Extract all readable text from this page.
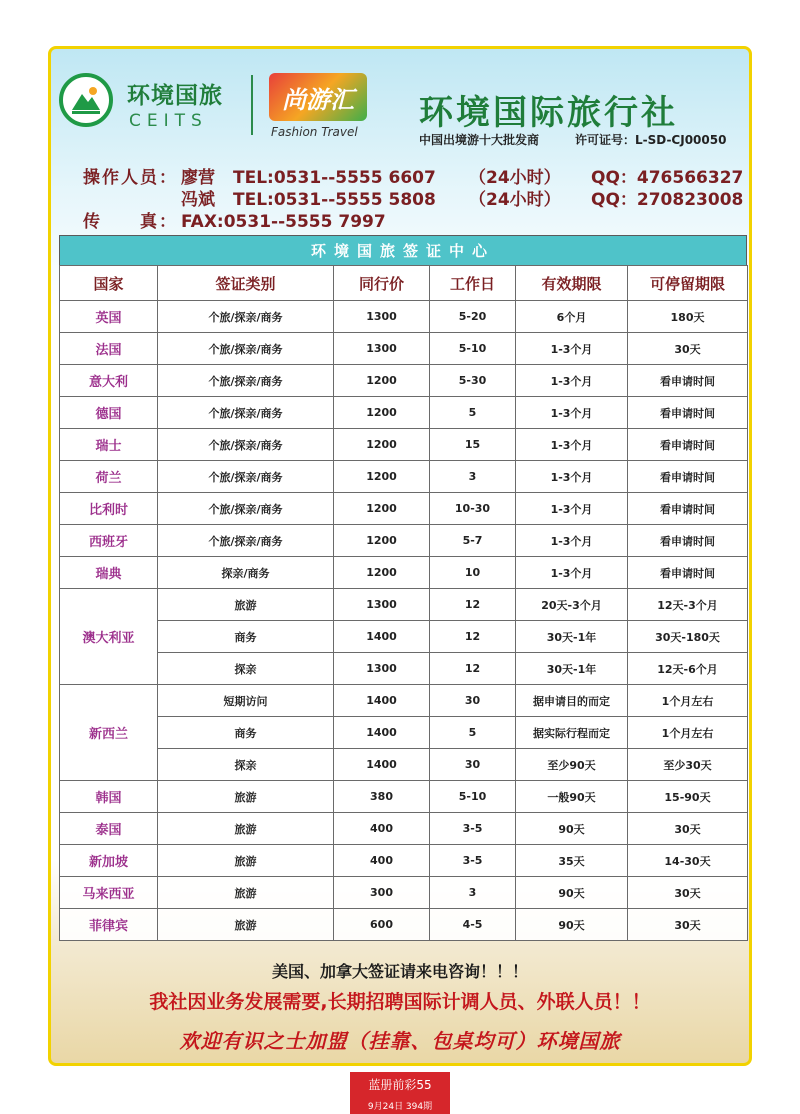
环境国旅
CEITS
尚游汇
Fashion Travel 环境国际旅行社
中国出境游十大批发商	许可证号：L-SD-CJ00050
操作人员： 廖营 TEL:0531--5555 6607 （24小时） QQ：476566327
冯斌 TEL:0531--5555 5808 （24小时） QQ：270823008
传　　真： FAX:0531--5555 7997
环境国旅签证中心
国家	签证类别	同行价	工作日	有效期限	可停留期限
英国	个旅/探亲/商务	1300	5-20	6个月	180天
法国	个旅/探亲/商务	1300	5-10	1-3个月	30天
意大利	个旅/探亲/商务	1200	5-30	1-3个月	看申请时间
德国	个旅/探亲/商务	1200	5	1-3个月	看申请时间
瑞士	个旅/探亲/商务	1200	15	1-3个月	看申请时间
荷兰	个旅/探亲/商务	1200	3	1-3个月	看申请时间
比利时	个旅/探亲/商务	1200	10-30	1-3个月	看申请时间
西班牙	个旅/探亲/商务	1200	5-7	1-3个月	看申请时间
瑞典	探亲/商务	1200	10	1-3个月	看申请时间
澳大利亚	旅游	1300	12	20天-3个月	12天-3个月
	商务	1400	12	30天-1年	30天-180天
	探亲	1300	12	30天-1年	12天-6个月
新西兰	短期访问	1400	30	据申请目的而定	1个月左右
	商务	1400	5	据实际行程而定	1个月左右
	探亲	1400	30	至少90天	至少30天
韩国	旅游	380	5-10	一般90天	15-90天
泰国	旅游	400	3-5	90天	30天
新加坡	旅游	400	3-5	35天	14-30天
马来西亚	旅游	300	3	90天	30天
菲律宾	旅游	600	4-5	90天	30天
美国、加拿大签证请来电咨询！！！
我社因业务发展需要,长期招聘国际计调人员、外联人员！！
欢迎有识之士加盟（挂靠、包桌均可）环境国旅
蓝册前彩55
9月24日 394期
